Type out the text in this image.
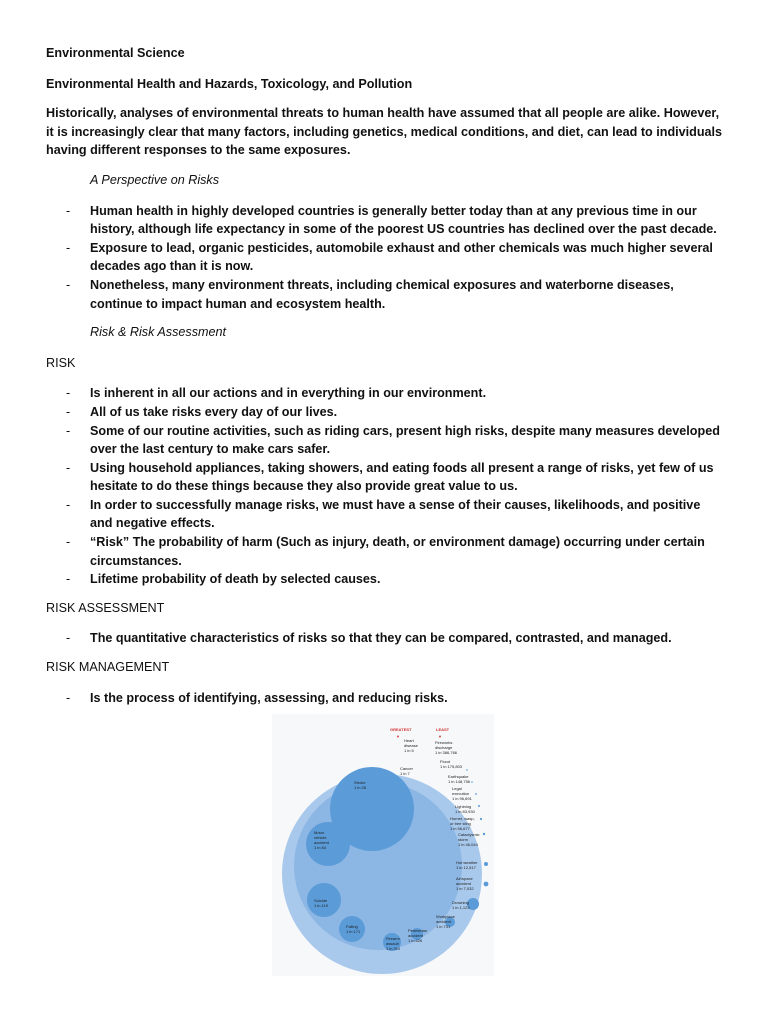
Environmental Science

Environmental Health and Hazards, Toxicology, and Pollution

Historically, analyses of environmental threats to human health have assumed that all people are alike. However, it is increasingly clear that many factors, including genetics, medical conditions, and diet, can lead to individuals having different responses to the same exposures.

A Perspective on Risks

- Human health in highly developed countries is generally better today than at any previous time in our history, although life expectancy in some of the poorest US countries has declined over the past decade.
- Exposure to lead, organic pesticides, automobile exhaust and other chemicals was much higher several decades ago than it is now.
- Nonetheless, many environment threats, including chemical exposures and waterborne diseases, continue to impact human and ecosystem health.

Risk & Risk Assessment

RISK

- Is inherent in all our actions and in everything in our environment.
- All of us take risks every day of our lives.
- Some of our routine activities, such as riding cars, present high risks, despite many measures developed over the last century to make cars safer.
- Using household appliances, taking showers, and eating foods all present a range of risks, yet few of us hesitate to do these things because they also provide great value to us.
- In order to successfully manage risks, we must have a sense of their causes, likelihoods, and positive and negative effects.
- “Risk” The probability of harm (Such as injury, death, or environment damage) occurring under certain circumstances.
- Lifetime probability of death by selected causes.

RISK ASSESSMENT

- The quantitative characteristics of risks so that they can be compared, contrasted, and managed.

RISK MANAGEMENT

- Is the process of identifying, assessing, and reducing risks.
GREATEST
▼
LEAST
▼
Heart disease 1 in 5
Fireworks discharge 1 in 386,766
Flood 1 in 175,803
Cancer 1 in 7
Earthquake 1 in 148,756
Stroke 1 in 28	Legal execution 1 in 96,691
Lightning 1 in 83,930
Hornet, wasp, or bee sting 1 in 56,677
Cataclysmic storm 1 in 46,044
Motor vehicle accident 1 in 84
Hot weather 1 in 12,517
Air/space accident 1 in 7,032
Suicide 1 in 119
Drowning 1 in 1,123
Workplace accident 1 in 731
Falling 1 in 171	Pedestrian accident 1 in 626
Firearm assault 1 in 314
